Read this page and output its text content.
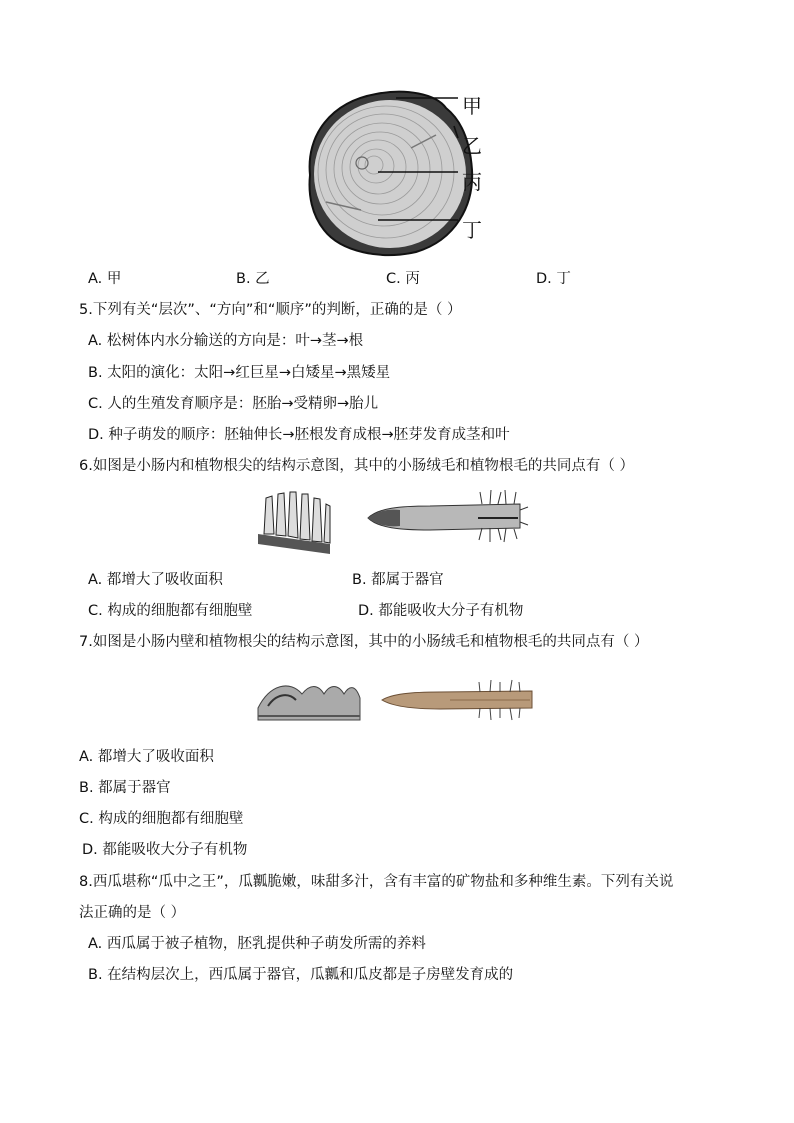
甲
乙
丙
丁
A. 甲	B. 乙	C. 丙	D. 丁
5.下列有关“层次”、“方向”和“顺序”的判断，正确的是（ ）
A. 松树体内水分输送的方向是：叶→茎→根
B. 太阳的演化：太阳→红巨星→白矮星→黑矮星
C. 人的生殖发育顺序是：胚胎→受精卵→胎儿
D. 种子萌发的顺序：胚轴伸长→胚根发育成根→胚芽发育成茎和叶
6.如图是小肠内和植物根尖的结构示意图，其中的小肠绒毛和植物根毛的共同点有（ ）
A. 都增大了吸收面积	B. 都属于器官
C. 构成的细胞都有细胞壁	D. 都能吸收大分子有机物
7.如图是小肠内壁和植物根尖的结构示意图，其中的小肠绒毛和植物根毛的共同点有（ ）
A. 都增大了吸收面积
B. 都属于器官
C. 构成的细胞都有细胞壁
D. 都能吸收大分子有机物
8.西瓜堪称“瓜中之王”，瓜瓤脆嫩，味甜多汁，含有丰富的矿物盐和多种维生素。下列有关说
法正确的是（ ）
A. 西瓜属于被子植物，胚乳提供种子萌发所需的养料
B. 在结构层次上，西瓜属于器官，瓜瓤和瓜皮都是子房壁发育成的
